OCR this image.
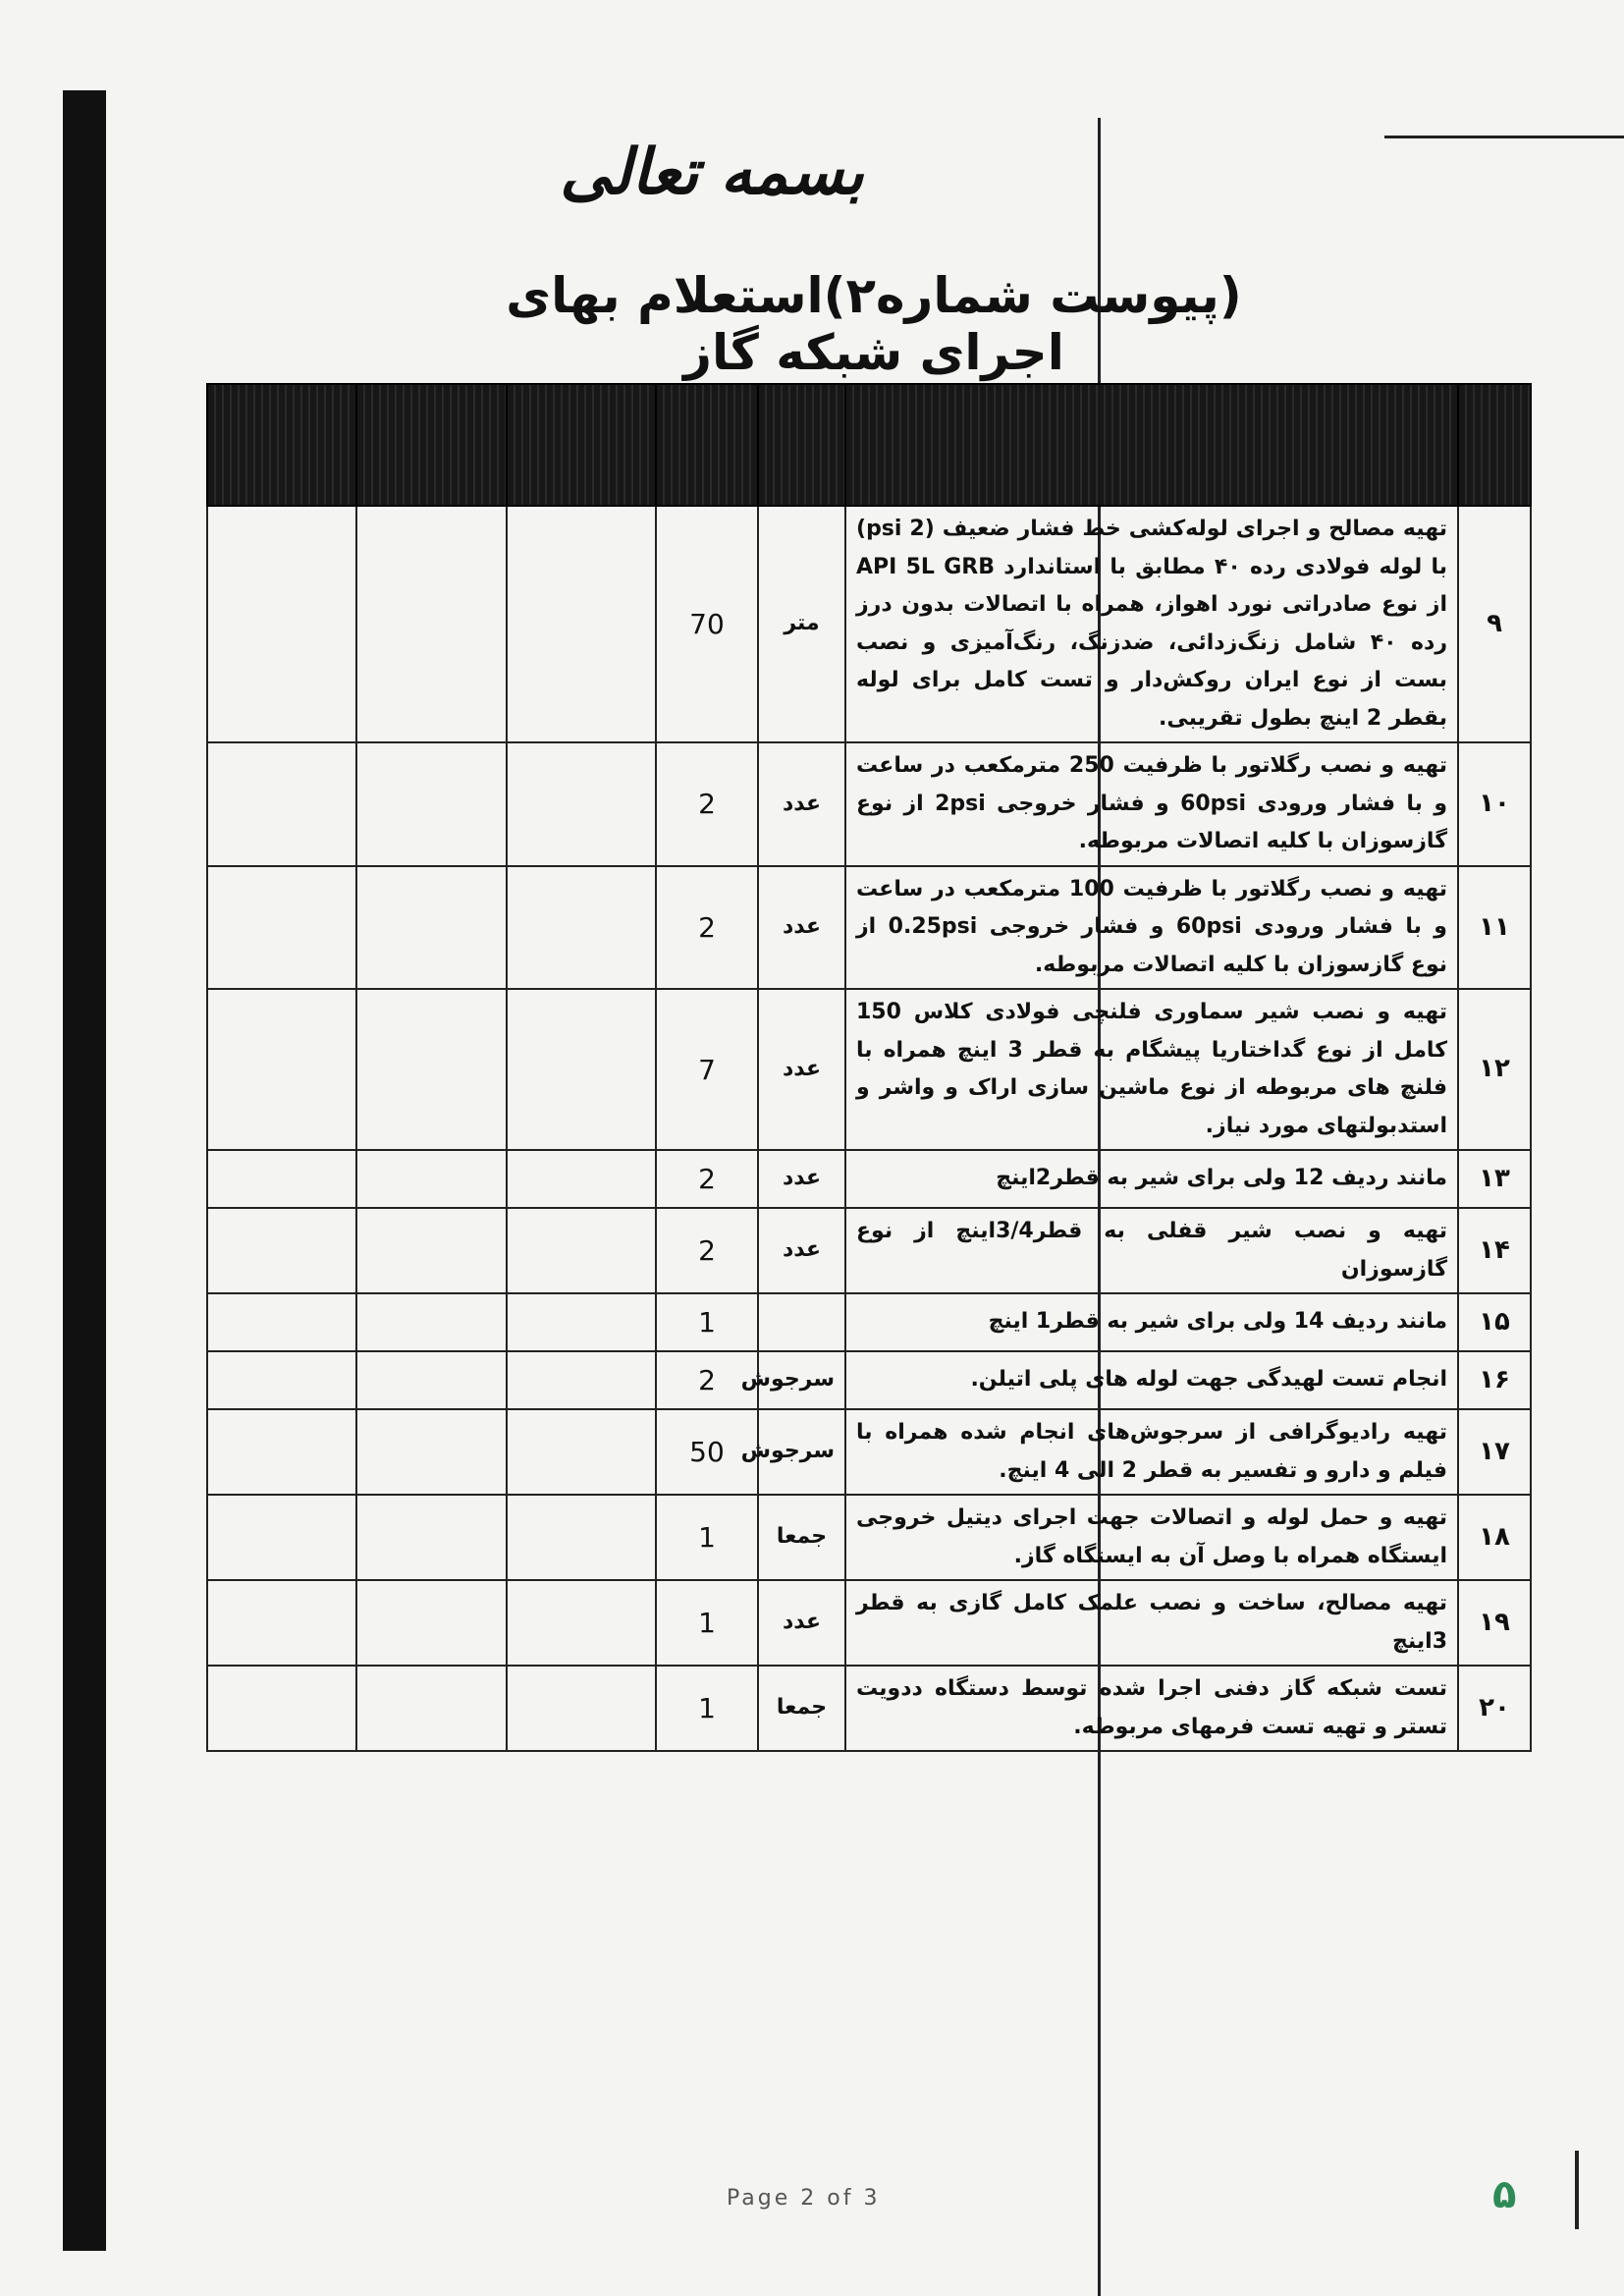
بسمه تعالی
(پیوست شماره۲)استعلام بهای اجرای شبکه گاز

۹	تهیه مصالح و اجرای لوله‌کشی خط فشار ضعیف (psi 2) با لوله فولادی رده ۴۰ مطابق با استاندارد API 5L GRB از نوع صادراتی نورد اهواز، همراه با اتصالات بدون درز رده ۴۰ شامل زنگ‌زدائی، ضدزنگ، رنگ‌آمیزی و نصب بست از نوع ایران روکش‌دار و تست کامل برای لوله بقطر 2 اینچ بطول تقریبی.	متر	70			
۱۰	تهیه و نصب رگلاتور با ظرفیت 250 مترمکعب در ساعت و با فشار ورودی 60psi و فشار خروجی 2psi از نوع گازسوزان با کلیه اتصالات مربوطه.	عدد	2			
۱۱	تهیه و نصب رگلاتور با ظرفیت 100 مترمکعب در ساعت و با فشار ورودی 60psi و فشار خروجی 0.25psi از نوع گازسوزان با کلیه اتصالات مربوطه.	عدد	2			
۱۲	تهیه و نصب شیر سماوری فلنچی فولادی کلاس 150 کامل از نوع گداختاریا پیشگام به قطر 3 اینچ همراه با فلنچ های مربوطه از نوع ماشین سازی اراک و واشر و استدبولتهای مورد نیاز.	عدد	7			
۱۳	مانند ردیف 12 ولی برای شیر به قطر2اینچ	عدد	2			
۱۴	تهیه و نصب شیر قفلی به قطر3/4اینچ از نوع گازسوزان	عدد	2			
۱۵	مانند ردیف 14 ولی برای شیر به قطر1 اینچ		1			
۱۶	انجام تست لهیدگی جهت لوله های پلی اتیلن.	سرجوش	2			
۱۷	تهیه رادیوگرافی از سرجوش‌های انجام شده همراه با فیلم و دارو و تفسیر به قطر 2 الی 4 اینچ.	سرجوش	50			
۱۸	تهیه و حمل لوله و اتصالات جهت اجرای دیتیل خروجی ایستگاه همراه با وصل آن به ایستگاه گاز.	جمعا	1			
۱۹	تهیه مصالح، ساخت و نصب علمک کامل گازی به قطر 3اینچ	عدد	1			
۲۰	تست شبکه گاز دفنی اجرا شده توسط دستگاه ددویت تستر و تهیه تست فرمهای مربوطه.	جمعا	1			
Page 2 of 3	۵
